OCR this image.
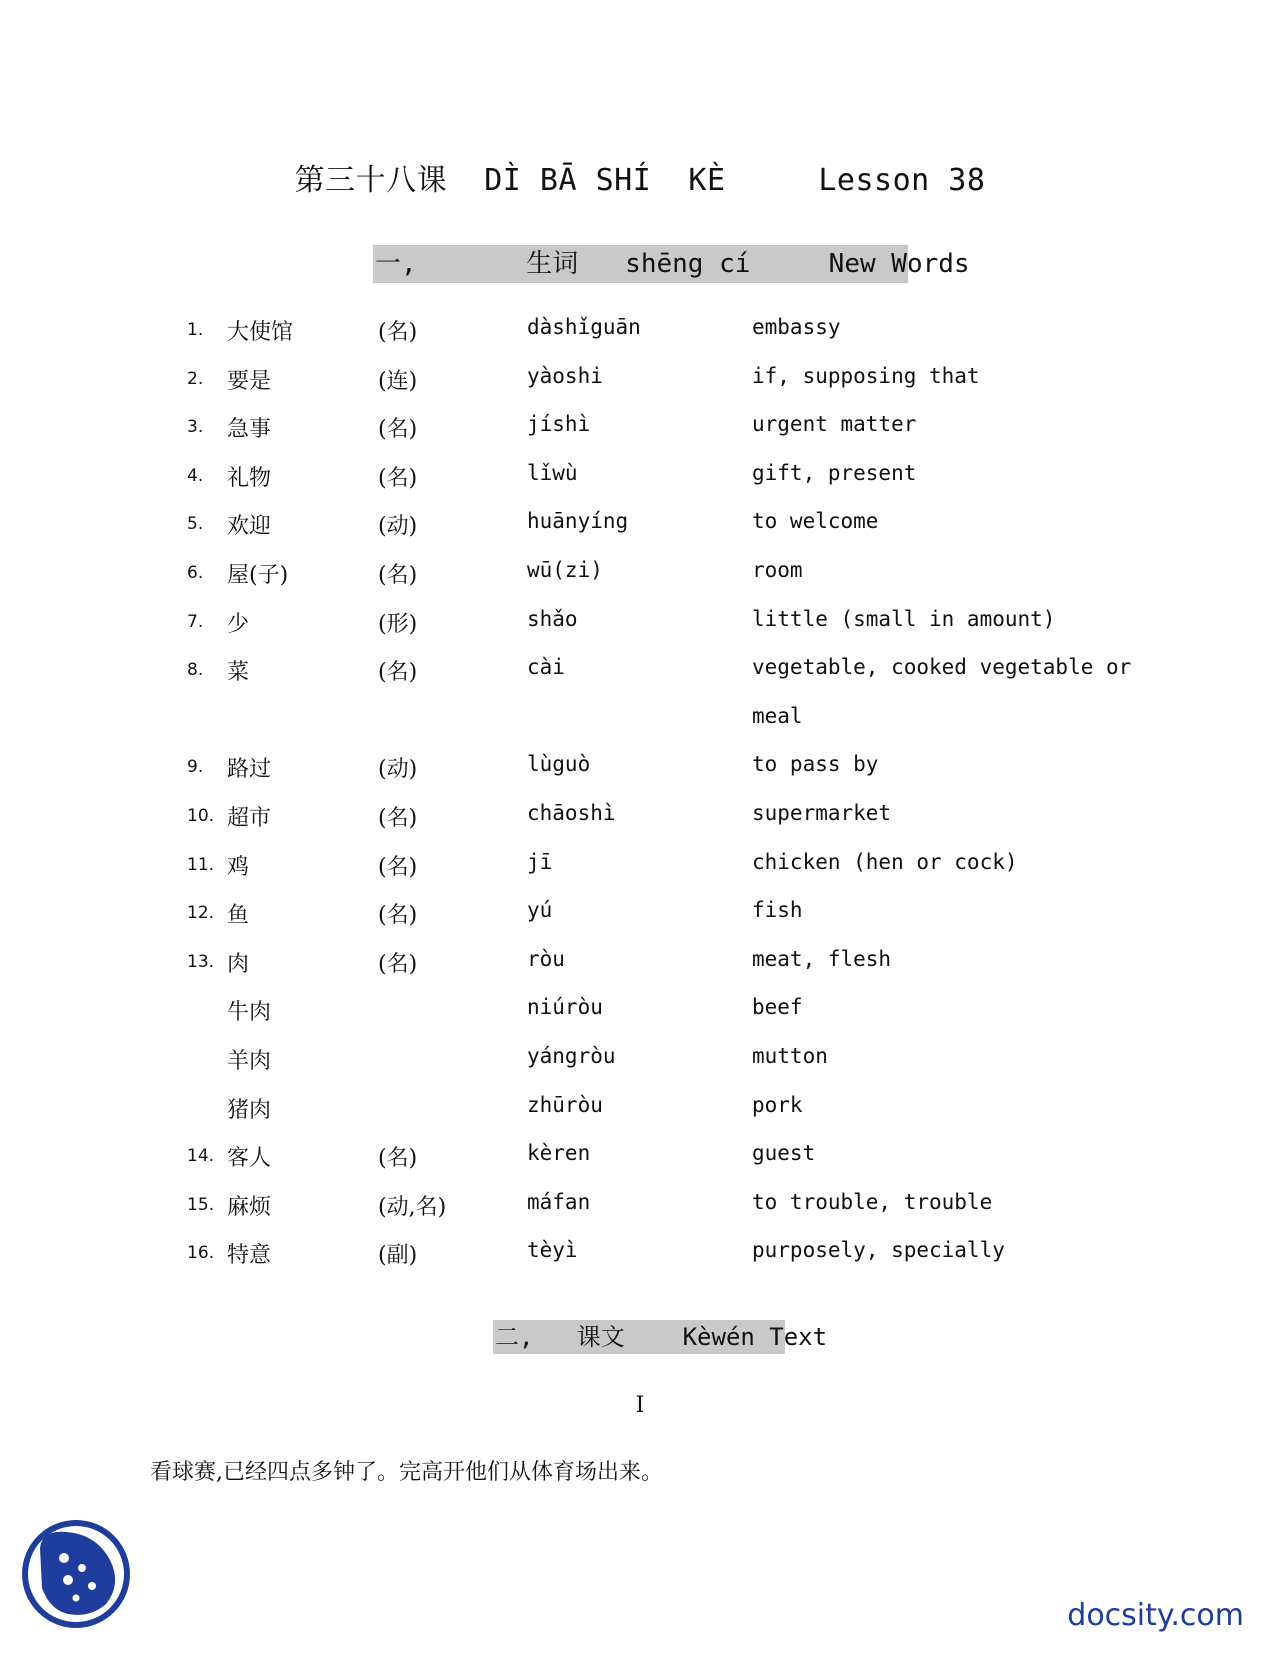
第三十八课  DÌ BĀ SHÍ  KÈ     Lesson 38
一,       生词   shēng cí     New Words
1. 大使馆	(名)	dàshǐguān	embassy
2. 要是	(连)	yàoshi	if, supposing that
3. 急事	(名)	jíshì	urgent matter
4. 礼物	(名)	lǐwù	gift, present
5. 欢迎	(动)	huānyíng	to welcome
6. 屋(子)	(名)	wū(zi)	room
7. 少	(形)	shǎo	little (small in amount)
8. 菜	(名)	cài	vegetable, cooked vegetable or
meal
9. 路过	(动)	lùguò	to pass by
10. 超市	(名)	chāoshì	supermarket
11. 鸡	(名)	jī	chicken (hen or cock)
12. 鱼	(名)	yú	fish
13. 肉	(名)	ròu	meat, flesh
牛肉	niúròu	beef
羊肉	yángròu	mutton
猪肉	zhūròu	pork
14. 客人	(名)	kèren	guest
15. 麻烦	(动,名)	máfan	to trouble, trouble
16. 特意	(副)	tèyì	purposely, specially
二,   课文    Kèwén Text
I
看球赛,已经四点多钟了。完高开他们从体育场出来。
docsity.com
